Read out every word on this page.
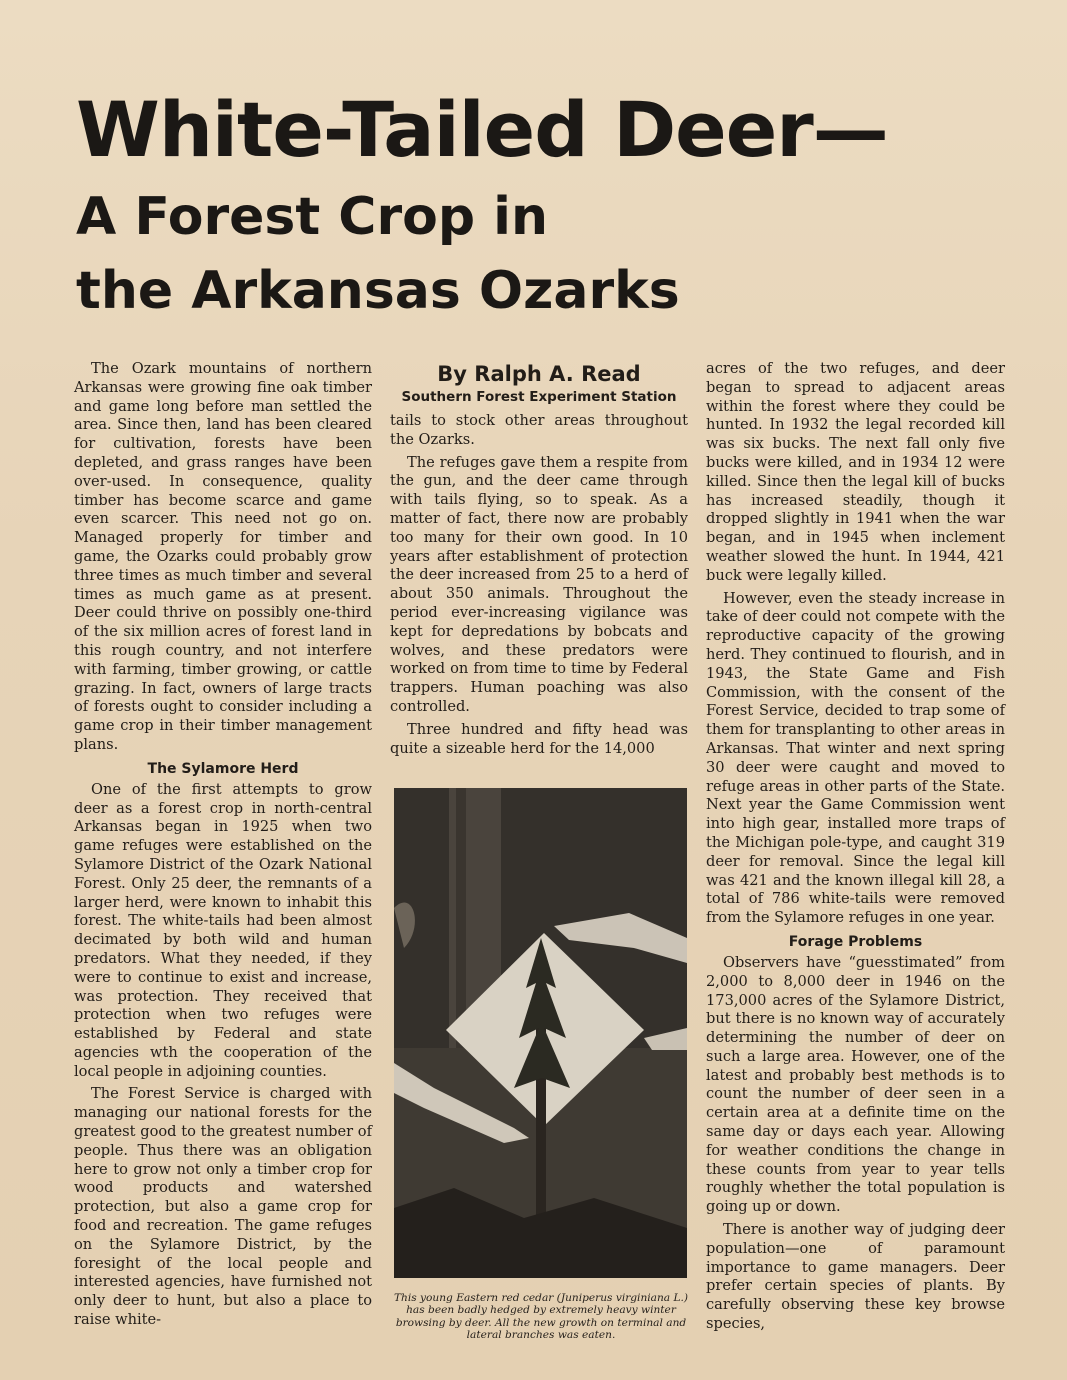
White-Tailed Deer—
A Forest Crop in
the Arkansas Ozarks

The Ozark mountains of northern Arkansas were growing fine oak timber and game long before man settled the area. Since then, land has been cleared for cultivation, forests have been depleted, and grass ranges have been over-used. In consequence, quality timber has become scarce and game even scarcer. This need not go on. Managed properly for timber and game, the Ozarks could probably grow three times as much timber and several times as much game as at present. Deer could thrive on possibly one-third of the six million acres of forest land in this rough country, and not interfere with farming, timber growing, or cattle grazing. In fact, owners of large tracts of forests ought to consider including a game crop in their timber management plans.

The Sylamore Herd

One of the first attempts to grow deer as a forest crop in north-central Arkansas began in 1925 when two game refuges were established on the Sylamore District of the Ozark National Forest. Only 25 deer, the remnants of a larger herd, were known to inhabit this forest. The white-tails had been almost decimated by both wild and human predators. What they needed, if they were to continue to exist and increase, was protection. They received that protection when two refuges were established by Federal and state agencies wth the cooperation of the local people in adjoining counties.

The Forest Service is charged with managing our national forests for the greatest good to the greatest number of people. Thus there was an obligation here to grow not only a timber crop for wood products and watershed protection, but also a game crop for food and recreation. The game refuges on the Sylamore District, by the foresight of the local people and interested agencies, have furnished not only deer to hunt, but also a place to raise white-

By Ralph A. Read
Southern Forest Experiment Station

tails to stock other areas throughout the Ozarks.

The refuges gave them a respite from the gun, and the deer came through with tails flying, so to speak. As a matter of fact, there now are probably too many for their own good. In 10 years after establishment of protection the deer increased from 25 to a herd of about 350 animals. Throughout the period ever-increasing vigilance was kept for depredations by bobcats and wolves, and these predators were worked on from time to time by Federal trappers. Human poaching was also controlled.

Three hundred and fifty head was quite a sizeable herd for the 14,000

This young Eastern red cedar (Juniperus virginiana L.) has been badly hedged by extremely heavy winter browsing by deer. All the new growth on terminal and lateral branches was eaten.

acres of the two refuges, and deer began to spread to adjacent areas within the forest where they could be hunted. In 1932 the legal recorded kill was six bucks. The next fall only five bucks were killed, and in 1934 12 were killed. Since then the legal kill of bucks has increased steadily, though it dropped slightly in 1941 when the war began, and in 1945 when inclement weather slowed the hunt. In 1944, 421 buck were legally killed.

However, even the steady increase in take of deer could not compete with the reproductive capacity of the growing herd. They continued to flourish, and in 1943, the State Game and Fish Commission, with the consent of the Forest Service, decided to trap some of them for transplanting to other areas in Arkansas. That winter and next spring 30 deer were caught and moved to refuge areas in other parts of the State. Next year the Game Commission went into high gear, installed more traps of the Michigan pole-type, and caught 319 deer for removal. Since the legal kill was 421 and the known illegal kill 28, a total of 786 white-tails were removed from the Sylamore refuges in one year.

Forage Problems

Observers have “guesstimated” from 2,000 to 8,000 deer in 1946 on the 173,000 acres of the Sylamore District, but there is no known way of accurately determining the number of deer on such a large area. However, one of the latest and probably best methods is to count the number of deer seen in a certain area at a definite time on the same day or days each year. Allowing for weather conditions the change in these counts from year to year tells roughly whether the total population is going up or down.

There is another way of judging deer population—one of paramount importance to game managers. Deer prefer certain species of plants. By carefully observing these key browse species,
